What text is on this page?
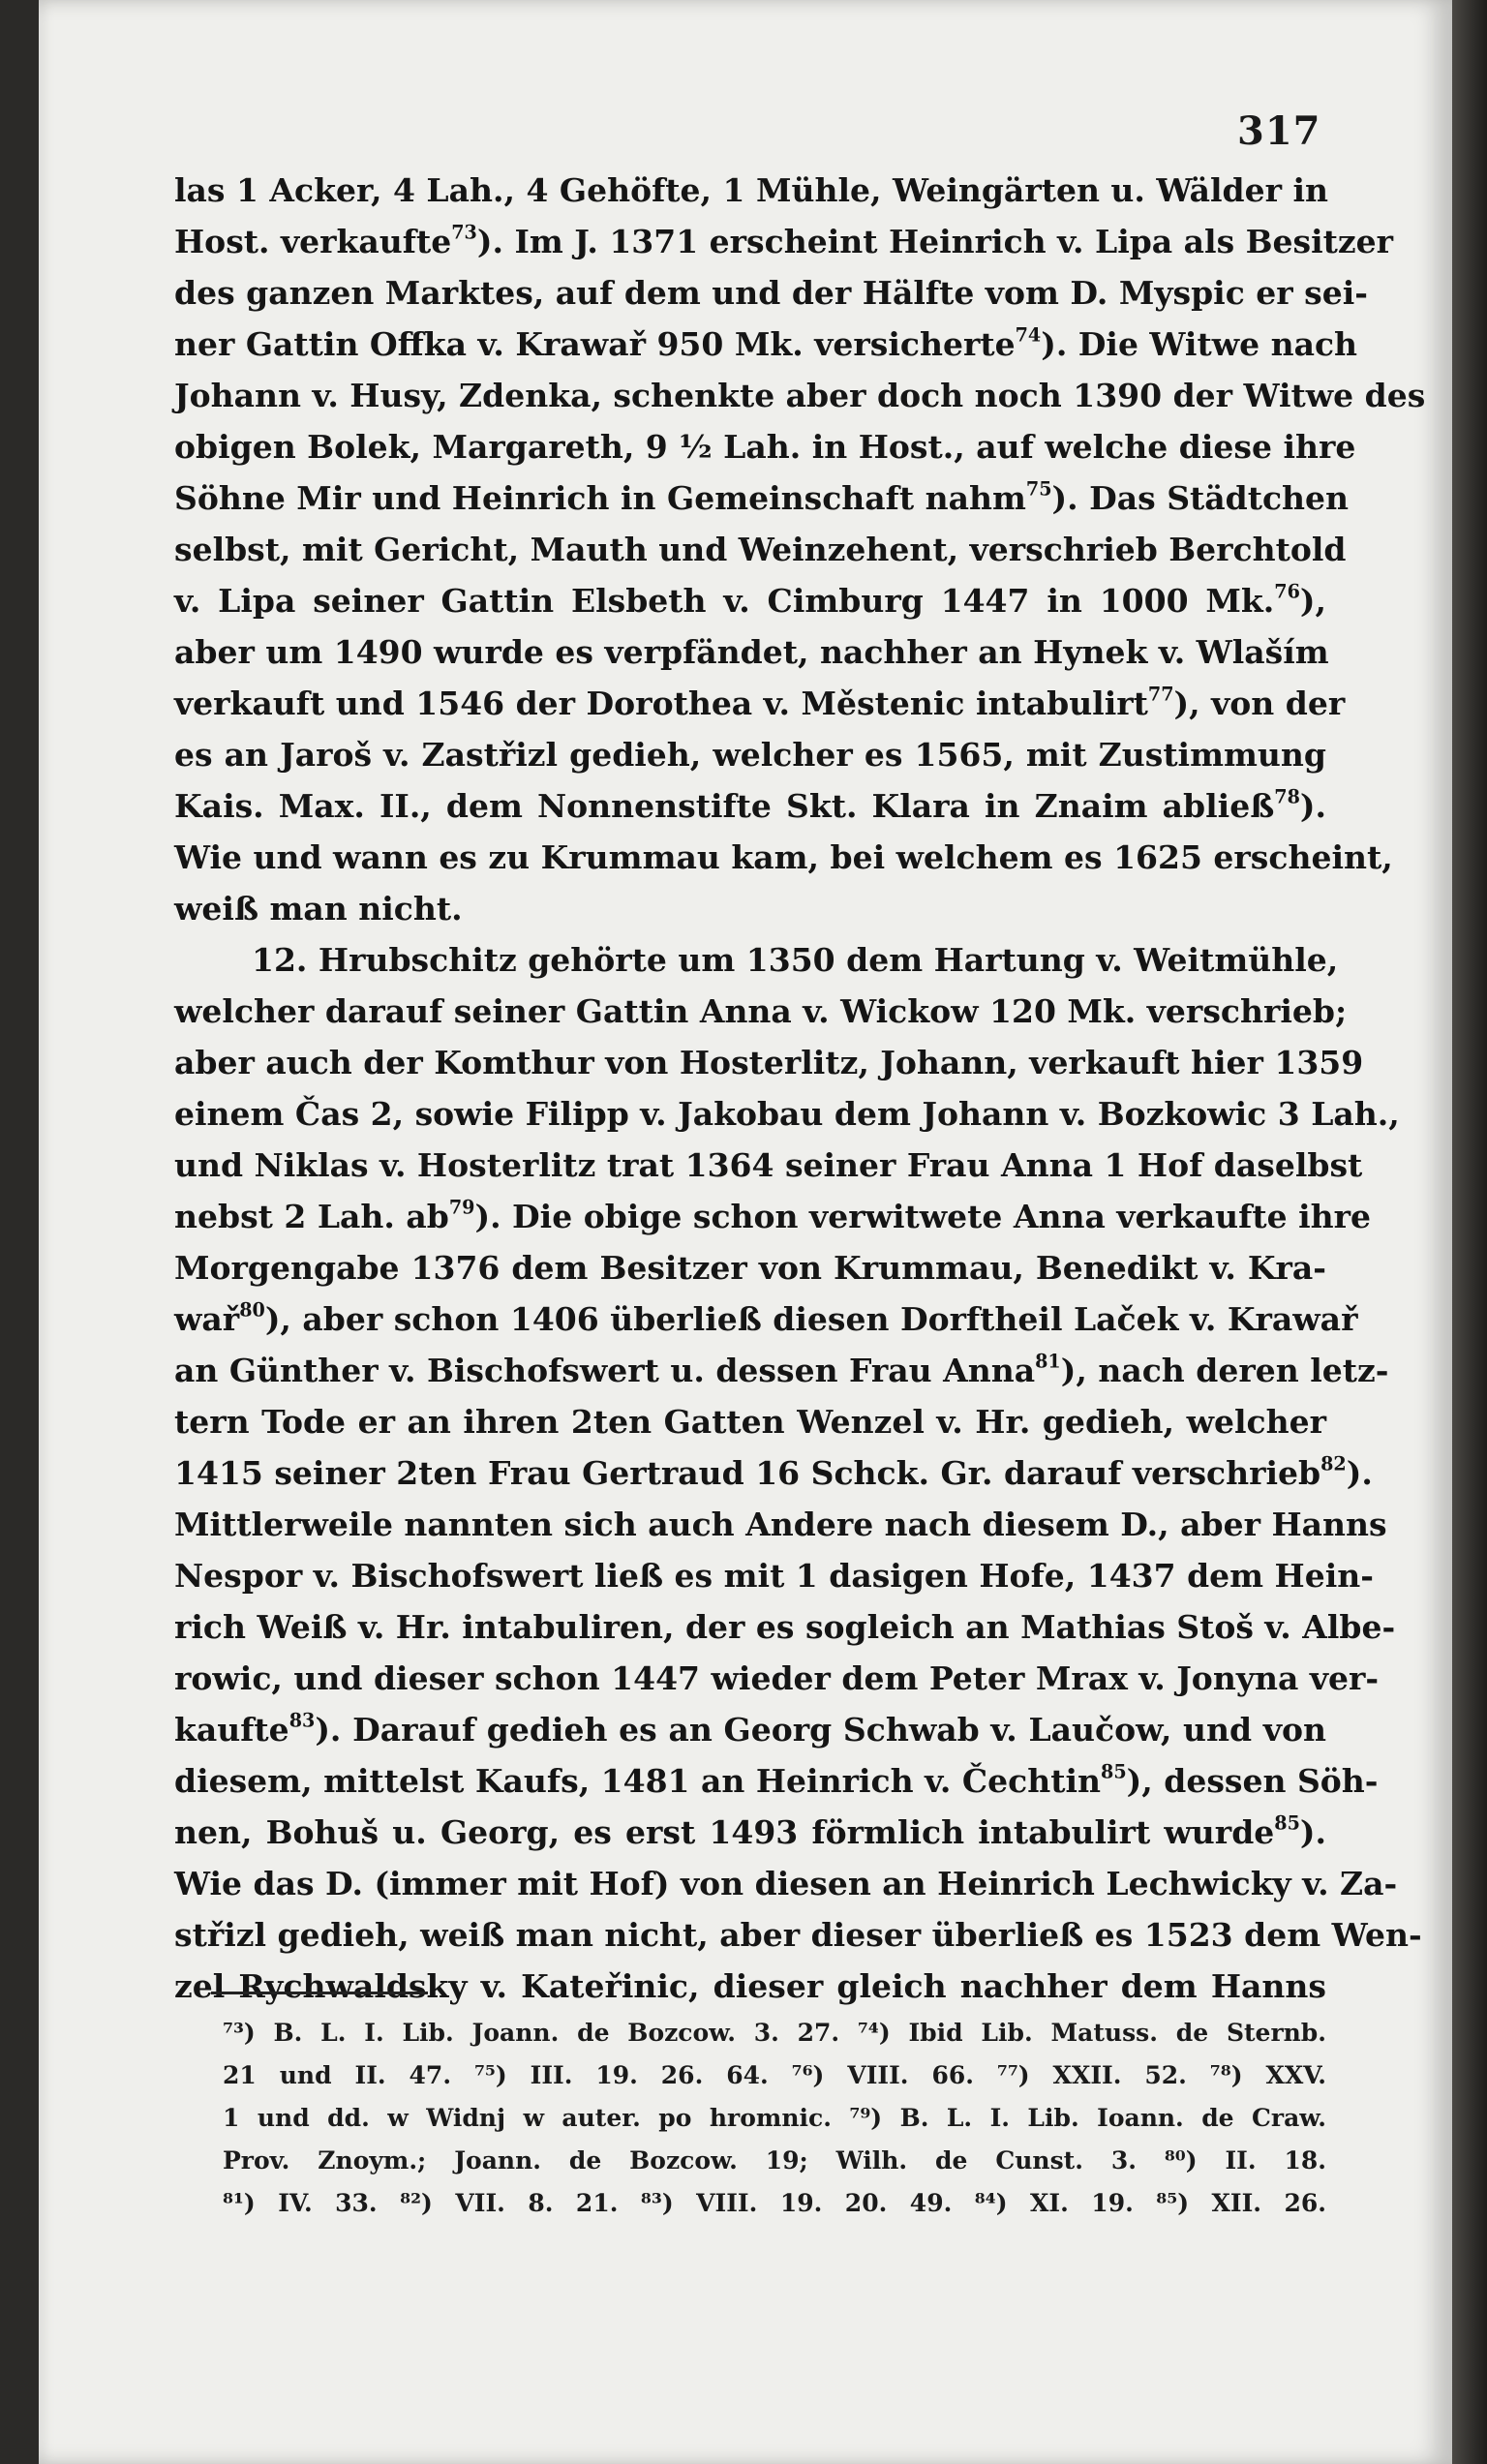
317
las 1 Acker, 4 Lah., 4 Gehöfte, 1 Mühle, Weingärten u. Wälder in
Host. verkaufte$^{73}$). Im J. 1371 erscheint Heinrich v. Lipa als Besitzer
des ganzen Marktes, auf dem und der Hälfte vom D. Myspic er sei-
ner Gattin Offka v. Krawař 950 Mk. versicherte$^{74}$). Die Witwe nach
Johann v. Husy, Zdenka, schenkte aber doch noch 1390 der Witwe des
obigen Bolek, Margareth, 9 ½ Lah. in Host., auf welche diese ihre
Söhne Mir und Heinrich in Gemeinschaft nahm$^{75}$). Das Städtchen
selbst, mit Gericht, Mauth und Weinzehent, verschrieb Berchtold
v. Lipa seiner Gattin Elsbeth v. Cimburg 1447 in 1000 Mk.$^{76}$),
aber um 1490 wurde es verpfändet, nachher an Hynek v. Wlaším
verkauft und 1546 der Dorothea v. Městenic intabulirt$^{77}$), von der
es an Jaroš v. Zastřizl gedieh, welcher es 1565, mit Zustimmung
Kais. Max. II., dem Nonnenstifte Skt. Klara in Znaim abließ$^{78}$).
Wie und wann es zu Krummau kam, bei welchem es 1625 erscheint,
weiß man nicht.
12. Hrubschitz gehörte um 1350 dem Hartung v. Weitmühle,
welcher darauf seiner Gattin Anna v. Wickow 120 Mk. verschrieb;
aber auch der Komthur von Hosterlitz, Johann, verkauft hier 1359
einem Čas 2, sowie Filipp v. Jakobau dem Johann v. Bozkowic 3 Lah.,
und Niklas v. Hosterlitz trat 1364 seiner Frau Anna 1 Hof daselbst
nebst 2 Lah. $ab^{79}$). Die obige schon verwitwete Anna verkaufte ihre
Morgengabe 1376 dem Besitzer von Krummau, Benedikt v. Kra-
wař$^{80}$), aber schon 1406 überließ diesen Dorftheil Laček v. Krawař
an Günther v. Bischofswert u. dessen Frau Anna$^{81}$), nach deren letz-
tern Tode er an ihren 2ten Gatten Wenzel v. Hr. gedieh, welcher
1415 seiner 2ten Frau Gertraud 16 Schck. Gr. darauf verschrieb$^{82}$).
Mittlerweile nannten sich auch Andere nach diesem D., aber Hanns
Nespor v. Bischofswert ließ es mit 1 dasigen Hofe, 1437 dem Hein-
rich Weiß v. Hr. intabuliren, der es sogleich an Mathias Stoš v. Albe-
rowic, und dieser schon 1447 wieder dem Peter Mrax v. Jonyna ver-
kaufte$^{83}$). Darauf gedieh es an Georg Schwab v. Laučow, und von
diesem, mittelst Kaufs, 1481 an Heinrich v. Čechtin$^{85}$), dessen Söh-
nen, Bohuš u. Georg, es erst 1493 förmlich intabulirt wurde$^{85}$).
Wie das D. (immer mit Hof) von diesen an Heinrich Lechwicky v. Za-
střizl gedieh, weiß man nicht, aber dieser überließ es 1523 dem Wen-
zel Rychwaldsky v. Kateřinic, dieser gleich nachher dem Hanns
⁷³) B. L. I. Lib. Joann. de Bozcow. 3. 27. ⁷⁴) Ibid Lib. Matuss. de Sternb.
21 und II. 47. ⁷⁵) III. 19. 26. 64. ⁷⁶) VIII. 66. ⁷⁷) XXII. 52. ⁷⁸) XXV.
1 und dd. w Widnj w auter. po hromnic. ⁷⁹) B. L. I. Lib. Ioann. de Craw.
Prov. Znoym.; Joann. de Bozcow. 19; Wilh. de Cunst. 3. ⁸⁰) II. 18.
⁸¹) IV. 33. ⁸²) VII. 8. 21. ⁸³) VIII. 19. 20. 49. ⁸⁴) XI. 19. ⁸⁵) XII. 26.
